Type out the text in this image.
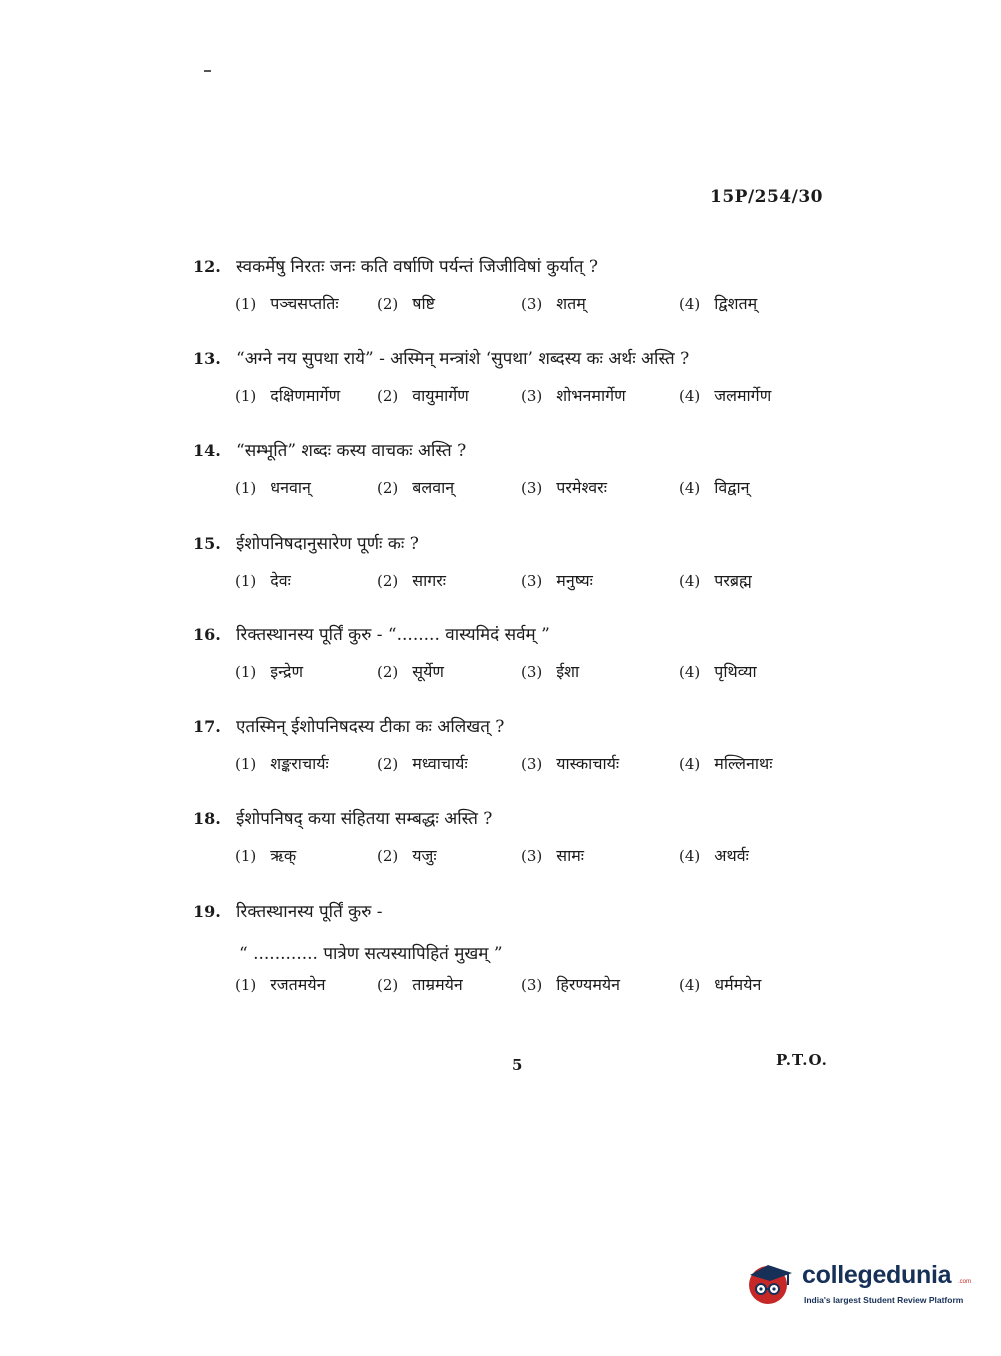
15P/254/30
12. स्वकर्मेषु निरतः जनः कति वर्षाणि पर्यन्तं जिजीविषां कुर्यात् ?
(1) पञ्चसप्ततिः	(2) षष्टि	(3) शतम्	(4) द्विशतम्
13. “अग्ने नय सुपथा राये” - अस्मिन् मन्त्रांशे ‘सुपथा’ शब्दस्य कः अर्थः अस्ति ?
(1) दक्षिणमार्गेण (2) वायुमार्गेण	(3) शोभनमार्गेण	(4) जलमार्गेण
14. “सम्भूति” शब्दः कस्य वाचकः अस्ति ?
(1) धनवान्	(2) बलवान्	(3) परमेश्वरः	(4) विद्वान्
15. ईशोपनिषदानुसारेण पूर्णः कः ?
(1) देवः	(2) सागरः	(3) मनुष्यः	(4) परब्रह्म
16. रिक्तस्थानस्य पूर्तिं कुरु - “........ वास्यमिदं सर्वम् ”
(1) इन्द्रेण	(2) सूर्येण	(3) ईशा	(4) पृथिव्या
17. एतस्मिन् ईशोपनिषदस्य टीका कः अलिखत् ?
(1) शङ्कराचार्यः	(2) मध्वाचार्यः	(3) यास्काचार्यः	(4) मल्लिनाथः
18. ईशोपनिषद् कया संहितया सम्बद्धः अस्ति ?
(1) ऋक्	(2) यजुः	(3) सामः	(4) अथर्वः
19. रिक्तस्थानस्य पूर्तिं कुरु -
“ ............ पात्रेण सत्यस्यापिहितं मुखम् ”
(1) रजतमयेन	(2) ताम्रमयेन	(3) हिरण्यमयेन	(4) धर्ममयेन
5	P.T.O.
collegedunia .com
India's largest Student Review Platform
